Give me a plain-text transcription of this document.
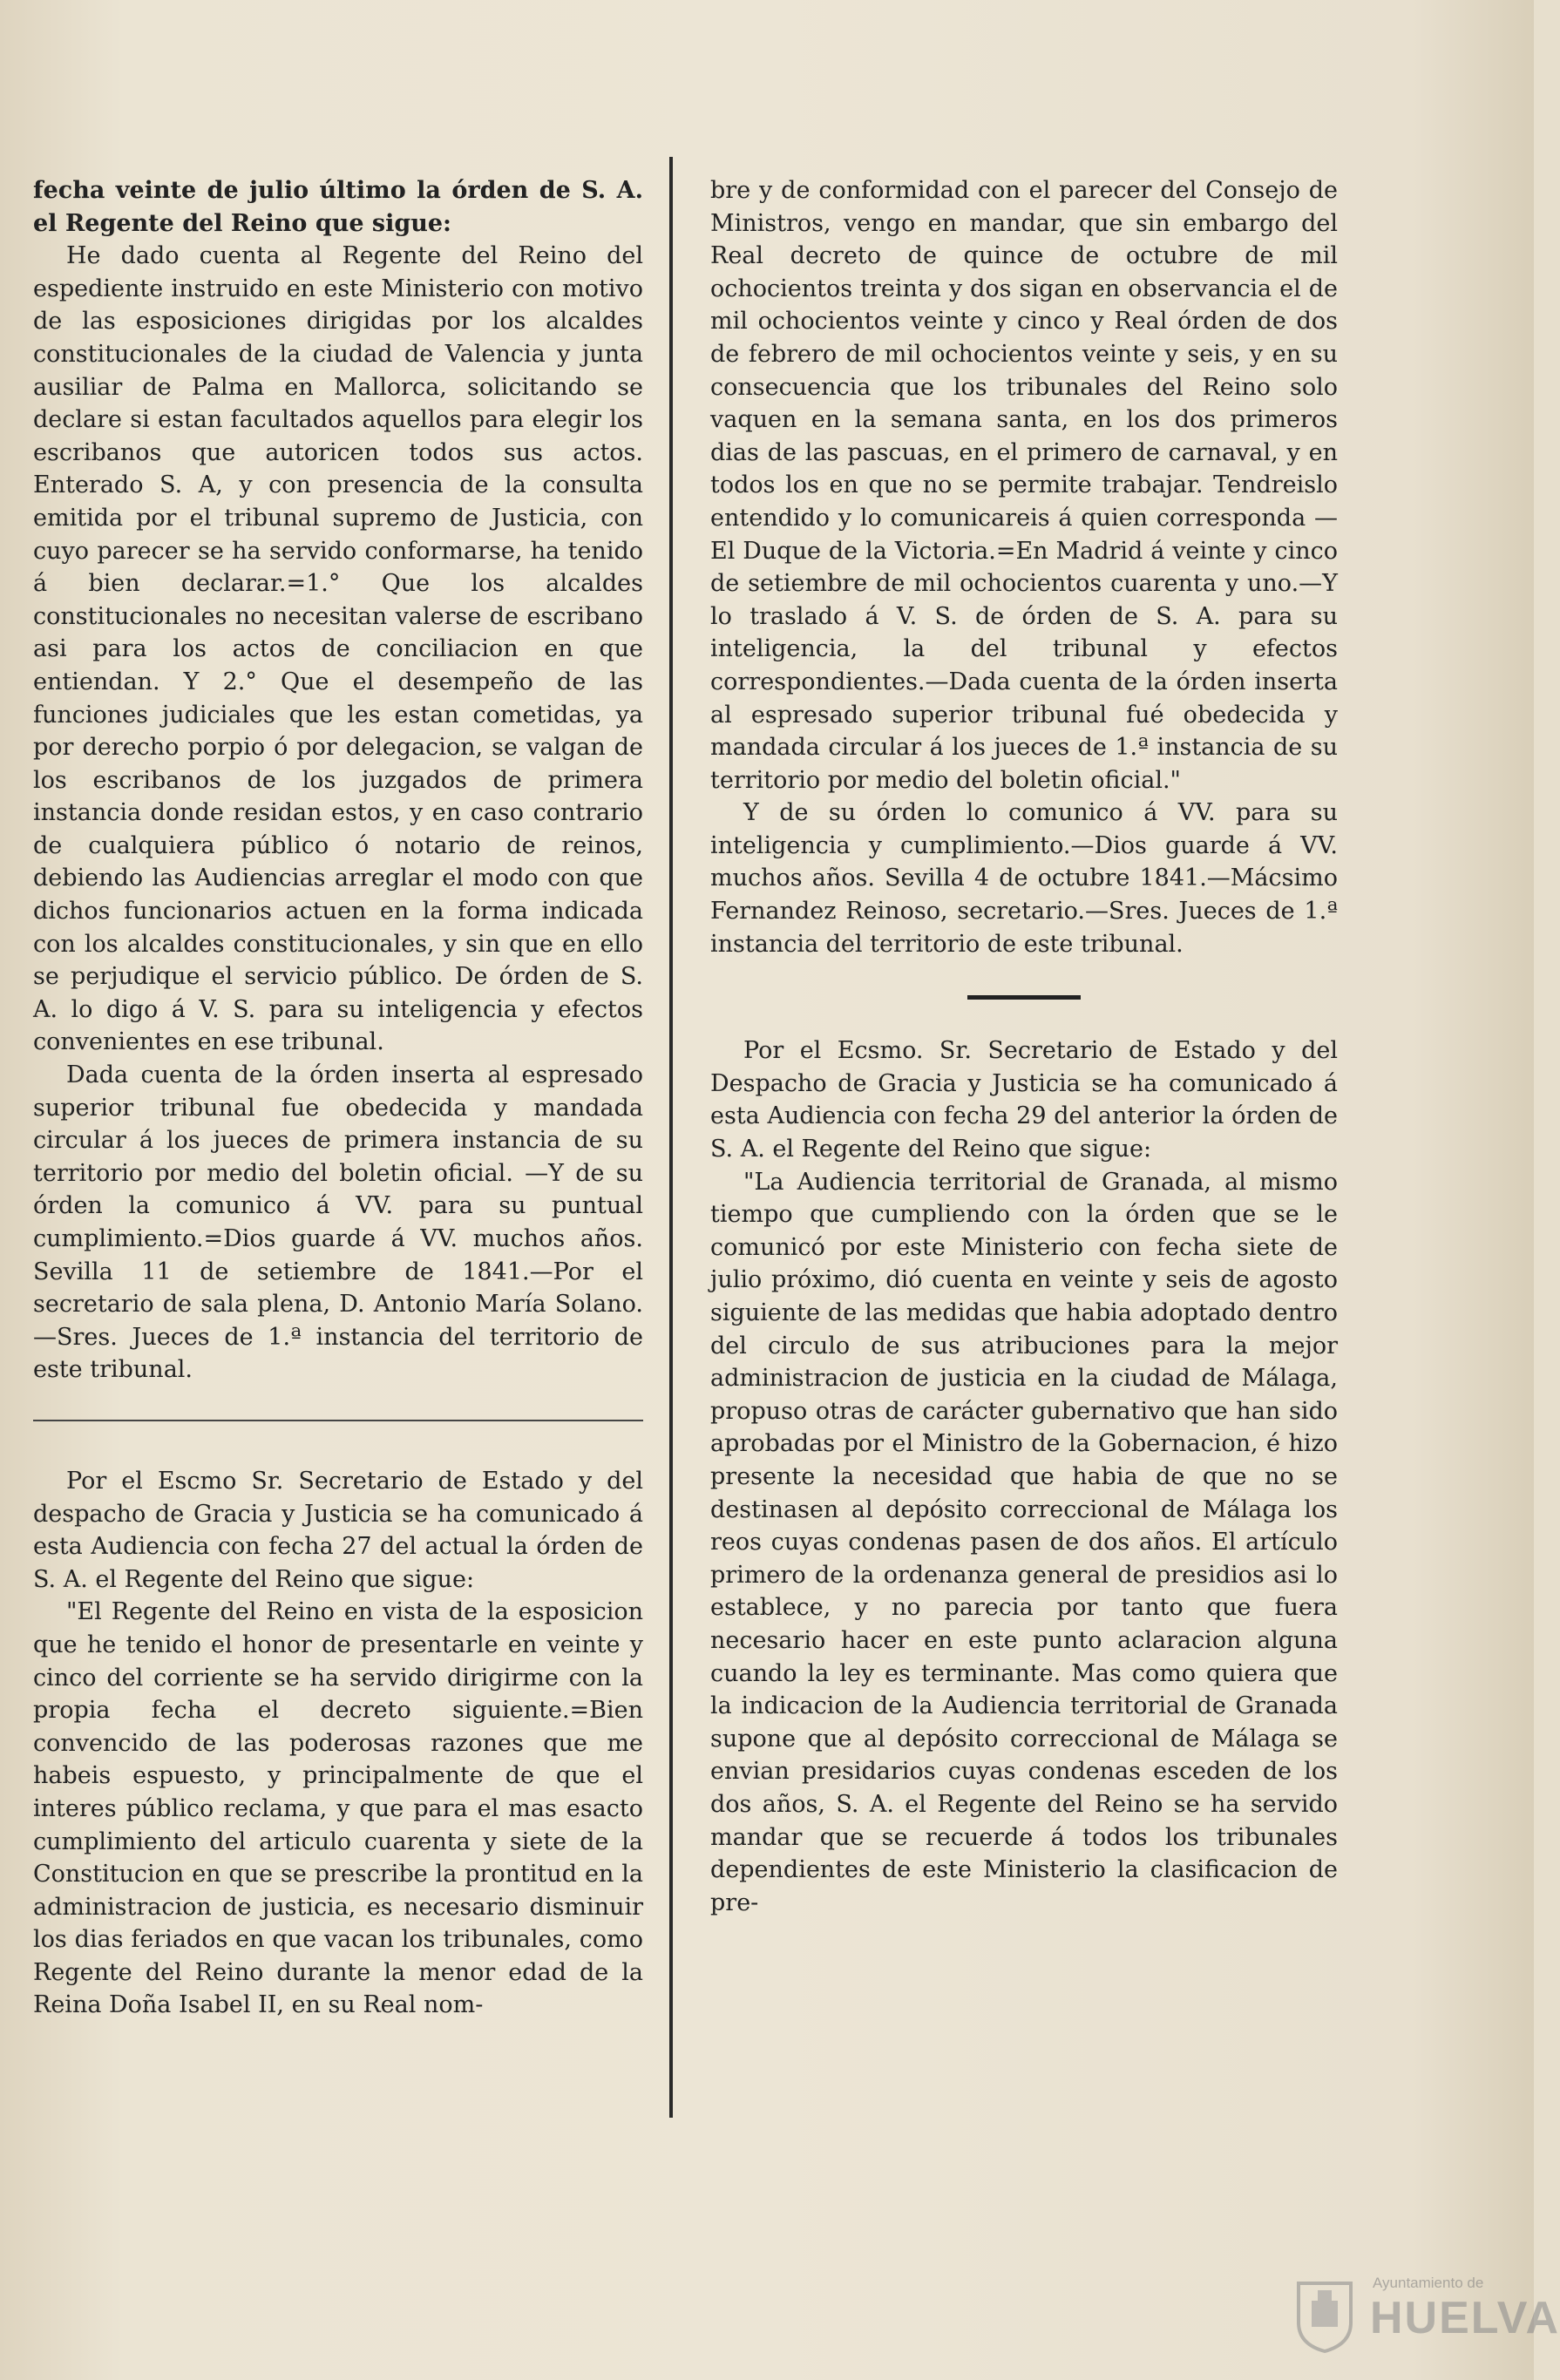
fecha veinte de julio último la órden de S. A. el Regente del Reino que sigue:

He dado cuenta al Regente del Reino del espediente instruido en este Ministerio con motivo de las esposiciones dirigidas por los alcaldes constitucionales de la ciudad de Valencia y junta ausiliar de Palma en Mallorca, solicitando se declare si estan facultados aquellos para elegir los escribanos que autoricen todos sus actos. Enterado S. A, y con presencia de la consulta emitida por el tribunal supremo de Justicia, con cuyo parecer se ha servido conformarse, ha tenido á bien declarar.=1.° Que los alcaldes constitucionales no necesitan valerse de escribano asi para los actos de conciliacion en que entiendan. Y 2.° Que el desempeño de las funciones judiciales que les estan cometidas, ya por derecho porpio ó por delegacion, se valgan de los escribanos de los juzgados de primera instancia donde residan estos, y en caso contrario de cualquiera público ó notario de reinos, debiendo las Audiencias arreglar el modo con que dichos funcionarios actuen en la forma indicada con los alcaldes constitucionales, y sin que en ello se perjudique el servicio público. De órden de S. A. lo digo á V. S. para su inteligencia y efectos convenientes en ese tribunal.

Dada cuenta de la órden inserta al espresado superior tribunal fue obedecida y mandada circular á los jueces de primera instancia de su territorio por medio del boletin oficial. —Y de su órden la comunico á VV. para su puntual cumplimiento.=Dios guarde á VV. muchos años. Sevilla 11 de setiembre de 1841.—Por el secretario de sala plena, D. Antonio María Solano.—Sres. Jueces de 1.ª instancia del territorio de este tribunal.

Por el Escmo Sr. Secretario de Estado y del despacho de Gracia y Justicia se ha comunicado á esta Audiencia con fecha 27 del actual la órden de S. A. el Regente del Reino que sigue:

"El Regente del Reino en vista de la esposicion que he tenido el honor de presentarle en veinte y cinco del corriente se ha servido dirigirme con la propia fecha el decreto siguiente.=Bien convencido de las poderosas razones que me habeis espuesto, y principalmente de que el interes público reclama, y que para el mas esacto cumplimiento del articulo cuarenta y siete de la Constitucion en que se prescribe la prontitud en la administracion de justicia, es necesario disminuir los dias feriados en que vacan los tribunales, como Regente del Reino durante la menor edad de la Reina Doña Isabel II, en su Real nom-

bre y de conformidad con el parecer del Consejo de Ministros, vengo en mandar, que sin embargo del Real decreto de quince de octubre de mil ochocientos treinta y dos sigan en observancia el de mil ochocientos veinte y cinco y Real órden de dos de febrero de mil ochocientos veinte y seis, y en su consecuencia que los tribunales del Reino solo vaquen en la semana santa, en los dos primeros dias de las pascuas, en el primero de carnaval, y en todos los en que no se permite trabajar. Tendreislo entendido y lo comunicareis á quien corresponda —El Duque de la Victoria.=En Madrid á veinte y cinco de setiembre de mil ochocientos cuarenta y uno.—Y lo traslado á V. S. de órden de S. A. para su inteligencia, la del tribunal y efectos correspondientes.—Dada cuenta de la órden inserta al espresado superior tribunal fué obedecida y mandada circular á los jueces de 1.ª instancia de su territorio por medio del boletin oficial."

Y de su órden lo comunico á VV. para su inteligencia y cumplimiento.—Dios guarde á VV. muchos años. Sevilla 4 de octubre 1841.—Mácsimo Fernandez Reinoso, secretario.—Sres. Jueces de 1.ª instancia del territorio de este tribunal.

Por el Ecsmo. Sr. Secretario de Estado y del Despacho de Gracia y Justicia se ha comunicado á esta Audiencia con fecha 29 del anterior la órden de S. A. el Regente del Reino que sigue:

"La Audiencia territorial de Granada, al mismo tiempo que cumpliendo con la órden que se le comunicó por este Ministerio con fecha siete de julio próximo, dió cuenta en veinte y seis de agosto siguiente de las medidas que habia adoptado dentro del circulo de sus atribuciones para la mejor administracion de justicia en la ciudad de Málaga, propuso otras de carácter gubernativo que han sido aprobadas por el Ministro de la Gobernacion, é hizo presente la necesidad que habia de que no se destinasen al depósito correccional de Málaga los reos cuyas condenas pasen de dos años. El artículo primero de la ordenanza general de presidios asi lo establece, y no parecia por tanto que fuera necesario hacer en este punto aclaracion alguna cuando la ley es terminante. Mas como quiera que la indicacion de la Audiencia territorial de Granada supone que al depósito correccional de Málaga se envian presidarios cuyas condenas esceden de los dos años, S. A. el Regente del Reino se ha servido mandar que se recuerde á todos los tribunales dependientes de este Ministerio la clasificacion de pre-

Ayuntamiento de
HUELVA
